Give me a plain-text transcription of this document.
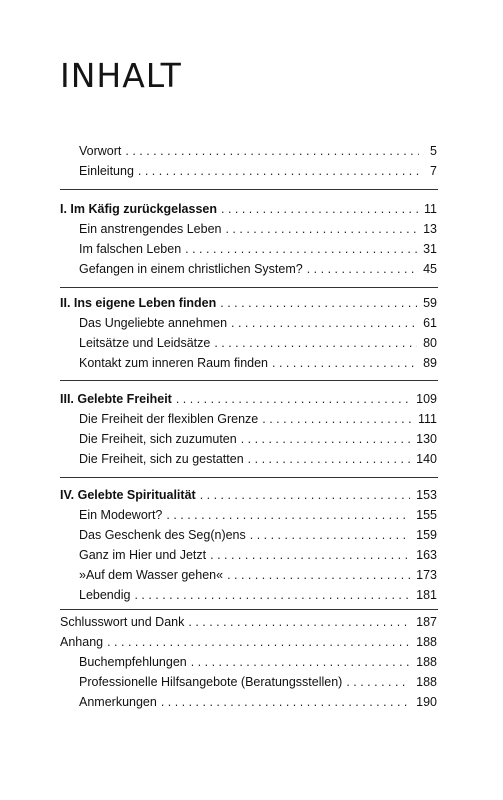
INHALT
Vorwort . . .	5
Einleitung . . .	7
I. Im Käfig zurückgelassen . . .	11
Ein anstrengendes Leben . . .	13
Im falschen Leben . . .	31
Gefangen in einem christlichen System? . . .	45
II. Ins eigene Leben finden . . .	59
Das Ungeliebte annehmen . . .	61
Leitsätze und Leidsätze . . .	80
Kontakt zum inneren Raum finden . . .	89
III. Gelebte Freiheit . . .	109
Die Freiheit der flexiblen Grenze . . .	111
Die Freiheit, sich zuzumuten . . .	130
Die Freiheit, sich zu gestatten . . .	140
IV. Gelebte Spiritualität . . .	153
Ein Modewort? . . .	155
Das Geschenk des Seg(n)ens . . .	159
Ganz im Hier und Jetzt . . .	163
»Auf dem Wasser gehen« . . .	173
Lebendig . . .	181
Schlusswort und Dank . . .	187
Anhang . . .	188
Buchempfehlungen . . .	188
Professionelle Hilfsangebote (Beratungsstellen) . . .	188
Anmerkungen . . .	190
